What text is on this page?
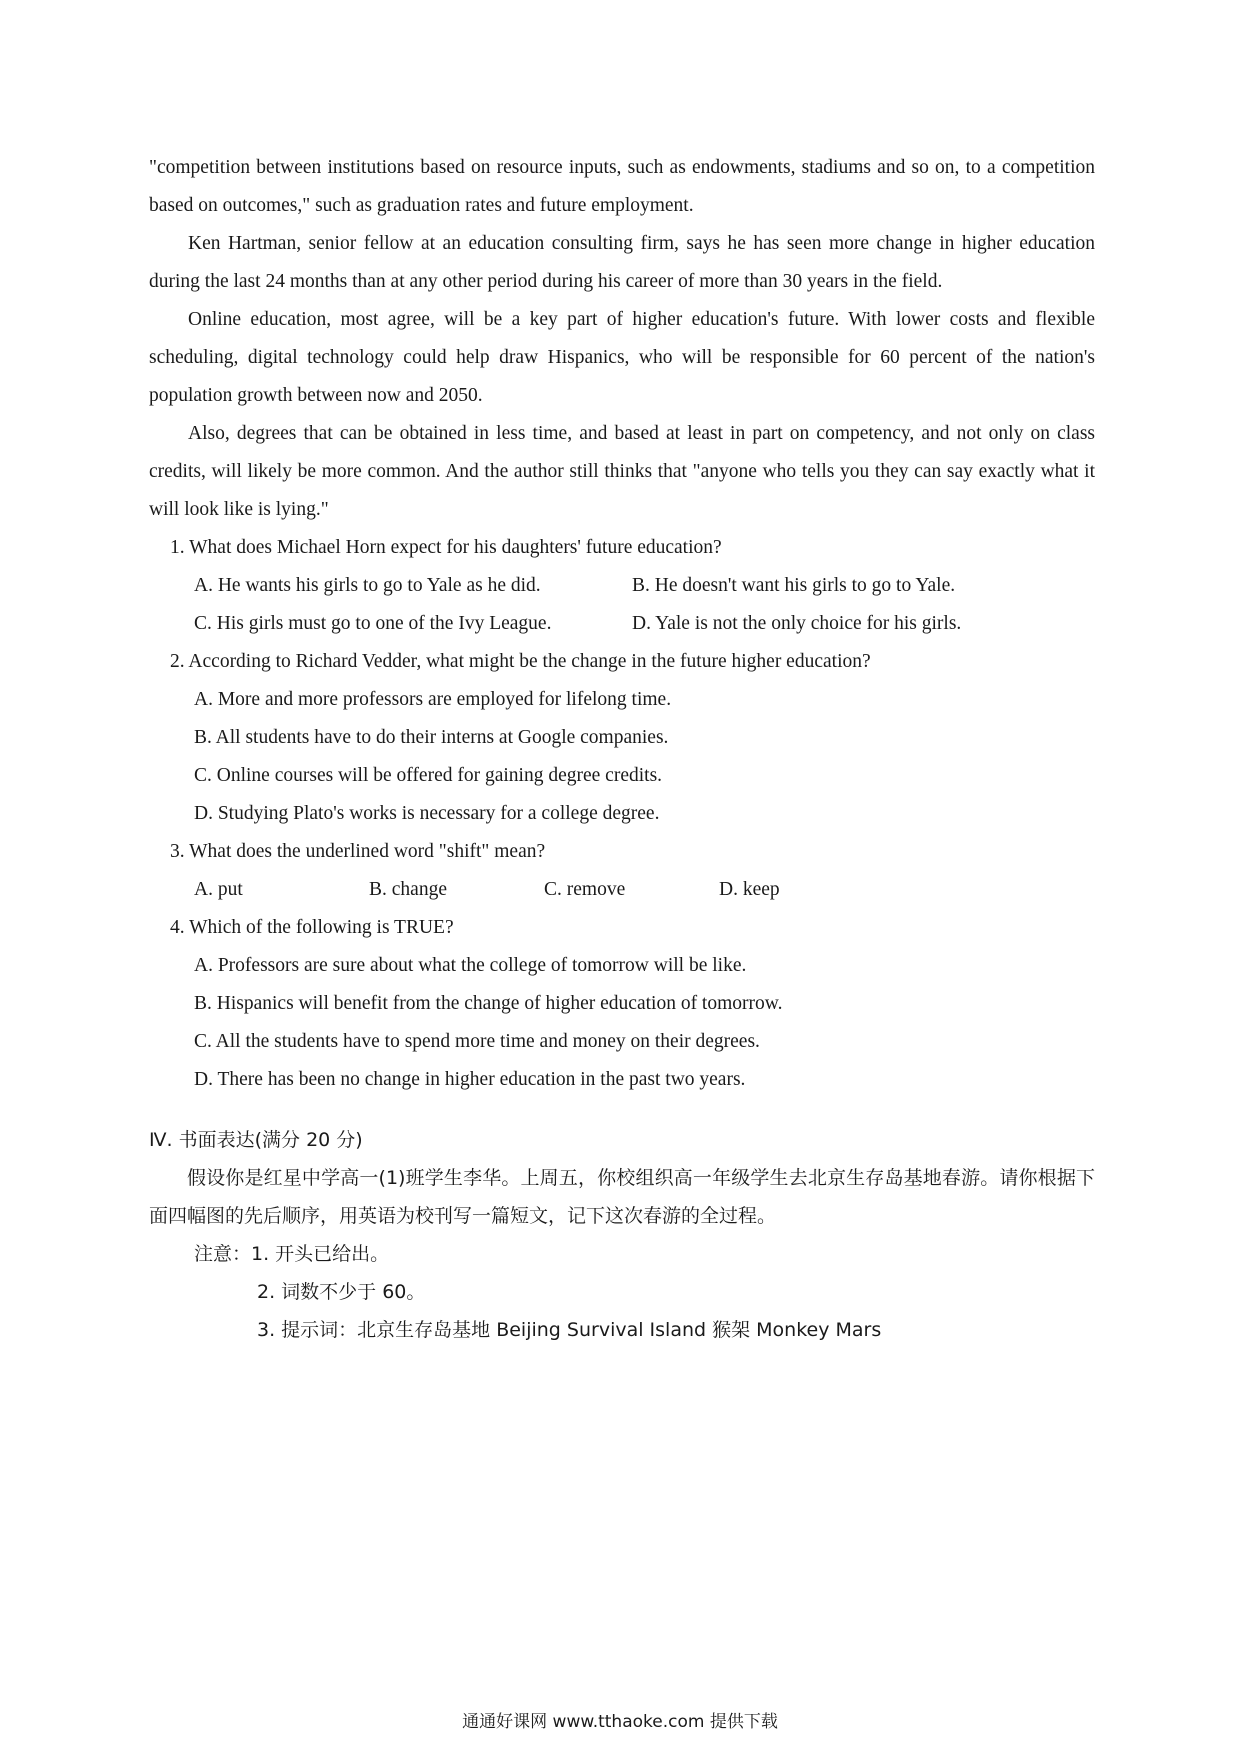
"competition between institutions based on resource inputs, such as endowments, stadiums and so on, to a competition based on outcomes," such as graduation rates and future employment.

Ken Hartman, senior fellow at an education consulting firm, says he has seen more change in higher education during the last 24 months than at any other period during his career of more than 30 years in the field.

Online education, most agree, will be a key part of higher education's future. With lower costs and flexible scheduling, digital technology could help draw Hispanics, who will be responsible for 60 percent of the nation's population growth between now and 2050.

Also, degrees that can be obtained in less time, and based at least in part on competency, and not only on class credits, will likely be more common. And the author still thinks that "anyone who tells you they can say exactly what it will look like is lying."

1. What does Michael Horn expect for his daughters' future education?

A. He wants his girls to go to Yale as he did.	B. He doesn't want his girls to go to Yale.
C. His girls must go to one of the Ivy League.	D. Yale is not the only choice for his girls.

2. According to Richard Vedder, what might be the change in the future higher education?

A. More and more professors are employed for lifelong time.

B. All students have to do their interns at Google companies.

C. Online courses will be offered for gaining degree credits.

D. Studying Plato's works is necessary for a college degree.

3. What does the underlined word "shift" mean?

A. put	B. change	C. remove	D. keep

4. Which of the following is TRUE?

A. Professors are sure about what the college of tomorrow will be like.

B. Hispanics will benefit from the change of higher education of tomorrow.

C. All the students have to spend more time and money on their degrees.

D. There has been no change in higher education in the past two years.

Ⅳ. 书面表达(满分 20 分)

假设你是红星中学高一(1)班学生李华。上周五，你校组织高一年级学生去北京生存岛基地春游。请你根据下面四幅图的先后顺序，用英语为校刊写一篇短文，记下这次春游的全过程。

注意：1. 开头已给出。

2. 词数不少于 60。

3. 提示词：北京生存岛基地 Beijing Survival Island 猴架 Monkey Mars

通通好课网 www.tthaoke.com 提供下载
